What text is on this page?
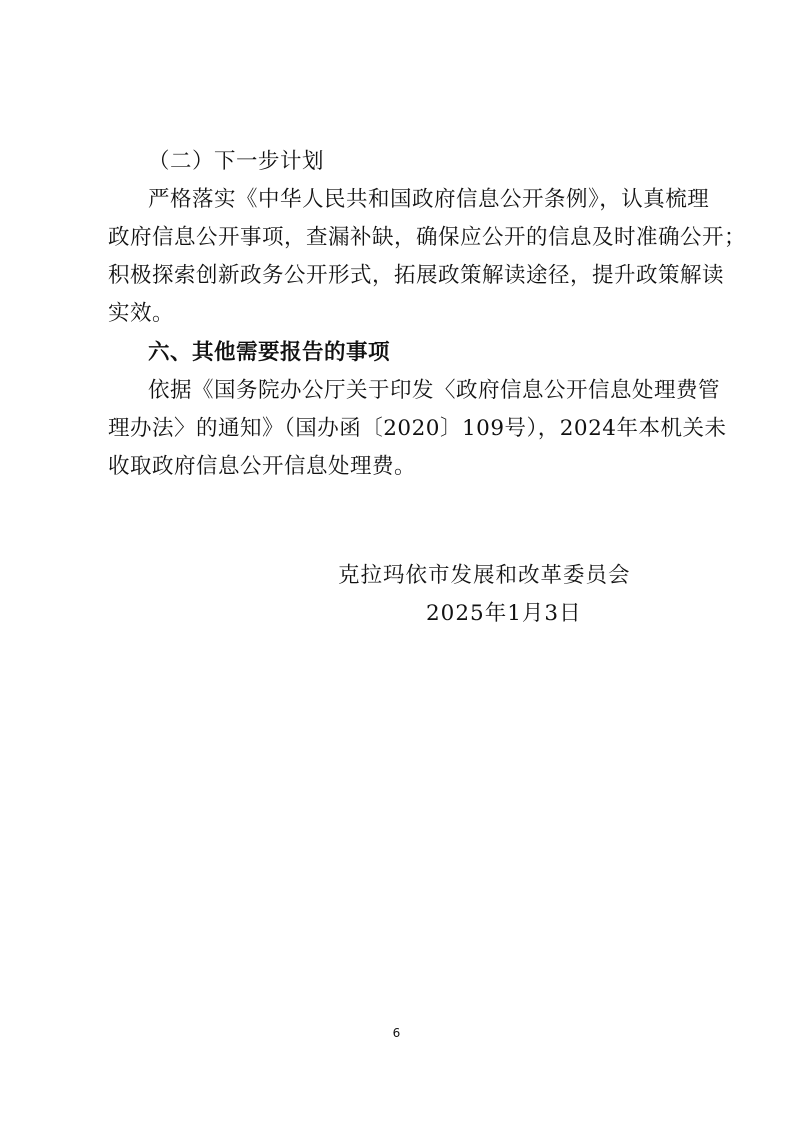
（二）下一步计划
严格落实《中华人民共和国政府信息公开条例》，认真梳理
政府信息公开事项，查漏补缺，确保应公开的信息及时准确公开；
积极探索创新政务公开形式，拓展政策解读途径，提升政策解读
实效。
六、其他需要报告的事项
依据《国务院办公厅关于印发〈政府信息公开信息处理费管
理办法〉的通知》（国办函〔2020〕109号），2024年本机关未
收取政府信息公开信息处理费。
克拉玛依市发展和改革委员会
2025年1月3日
6
